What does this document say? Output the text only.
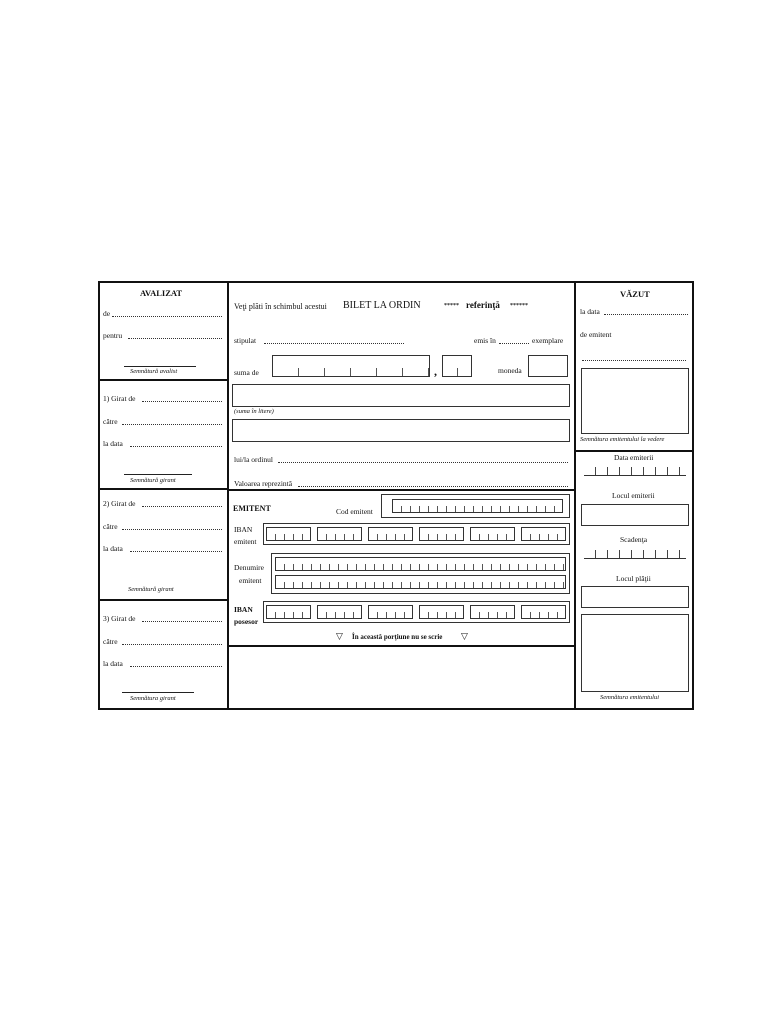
AVALIZAT
de
pentru
Semnătură avalist
1) Girat de
către
la data
Semnătură girant
2) Girat de
către
la data
Semnătură girant
3) Girat de
către
la data
Semnătura girant
Veţi plăti în schimbul acestui BILET LA ORDIN	***** referinţă ******
stipulat	emis în	exemplare
suma de	,	moneda
(suma în litere)
lui/la ordinul
Valoarea reprezintă
EMITENT	Cod emitent
IBAN
emitent
Denumire
emitent
IBAN
posesor
▽ În această porţiune nu se scrie ▽
VĂZUT
la data
de emitent
Semnătura emitentului la vedere
Data emiterii
Locul emiterii
Scadenţa
Locul plăţii
Semnătura emitentului
